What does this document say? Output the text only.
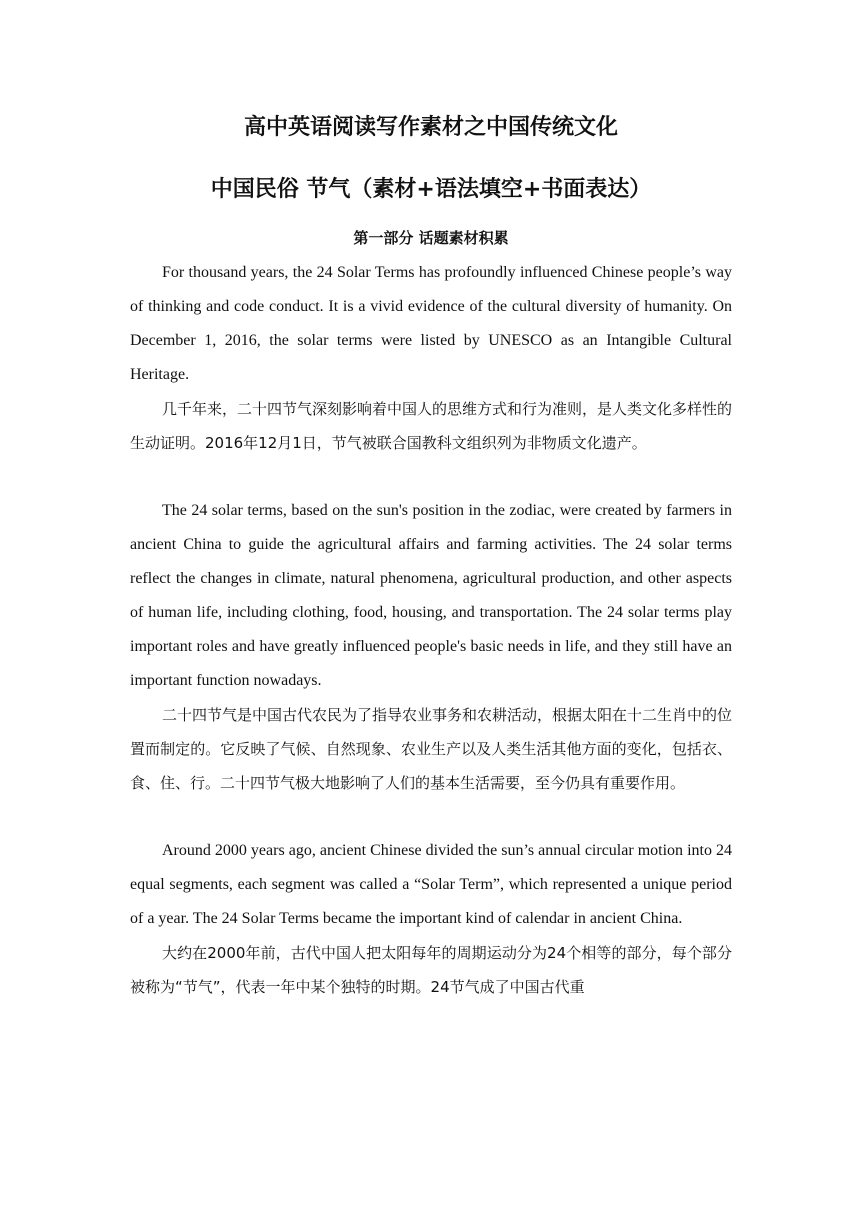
高中英语阅读写作素材之中国传统文化
中国民俗 节气（素材+语法填空+书面表达）
第一部分 话题素材积累

For thousand years, the 24 Solar Terms has profoundly influenced Chinese people’s way of thinking and code conduct. It is a vivid evidence of the cultural diversity of humanity. On December 1, 2016, the solar terms were listed by UNESCO as an Intangible Cultural Heritage.

几千年来，二十四节气深刻影响着中国人的思维方式和行为准则，是人类文化多样性的生动证明。2016年12月1日，节气被联合国教科文组织列为非物质文化遗产。

The 24 solar terms, based on the sun's position in the zodiac, were created by farmers in ancient China to guide the agricultural affairs and farming activities. The 24 solar terms reflect the changes in climate, natural phenomena, agricultural production, and other aspects of human life, including clothing, food, housing, and transportation. The 24 solar terms play important roles and have greatly influenced people's basic needs in life, and they still have an important function nowadays.

二十四节气是中国古代农民为了指导农业事务和农耕活动，根据太阳在十二生肖中的位置而制定的。它反映了气候、自然现象、农业生产以及人类生活其他方面的变化，包括衣、食、住、行。二十四节气极大地影响了人们的基本生活需要，至今仍具有重要作用。

Around 2000 years ago, ancient Chinese divided the sun’s annual circular motion into 24 equal segments, each segment was called a “Solar Term”, which represented a unique period of a year. The 24 Solar Terms became the important kind of calendar in ancient China.

大约在2000年前，古代中国人把太阳每年的周期运动分为24个相等的部分，每个部分被称为“节气”，代表一年中某个独特的时期。24节气成了中国古代重
